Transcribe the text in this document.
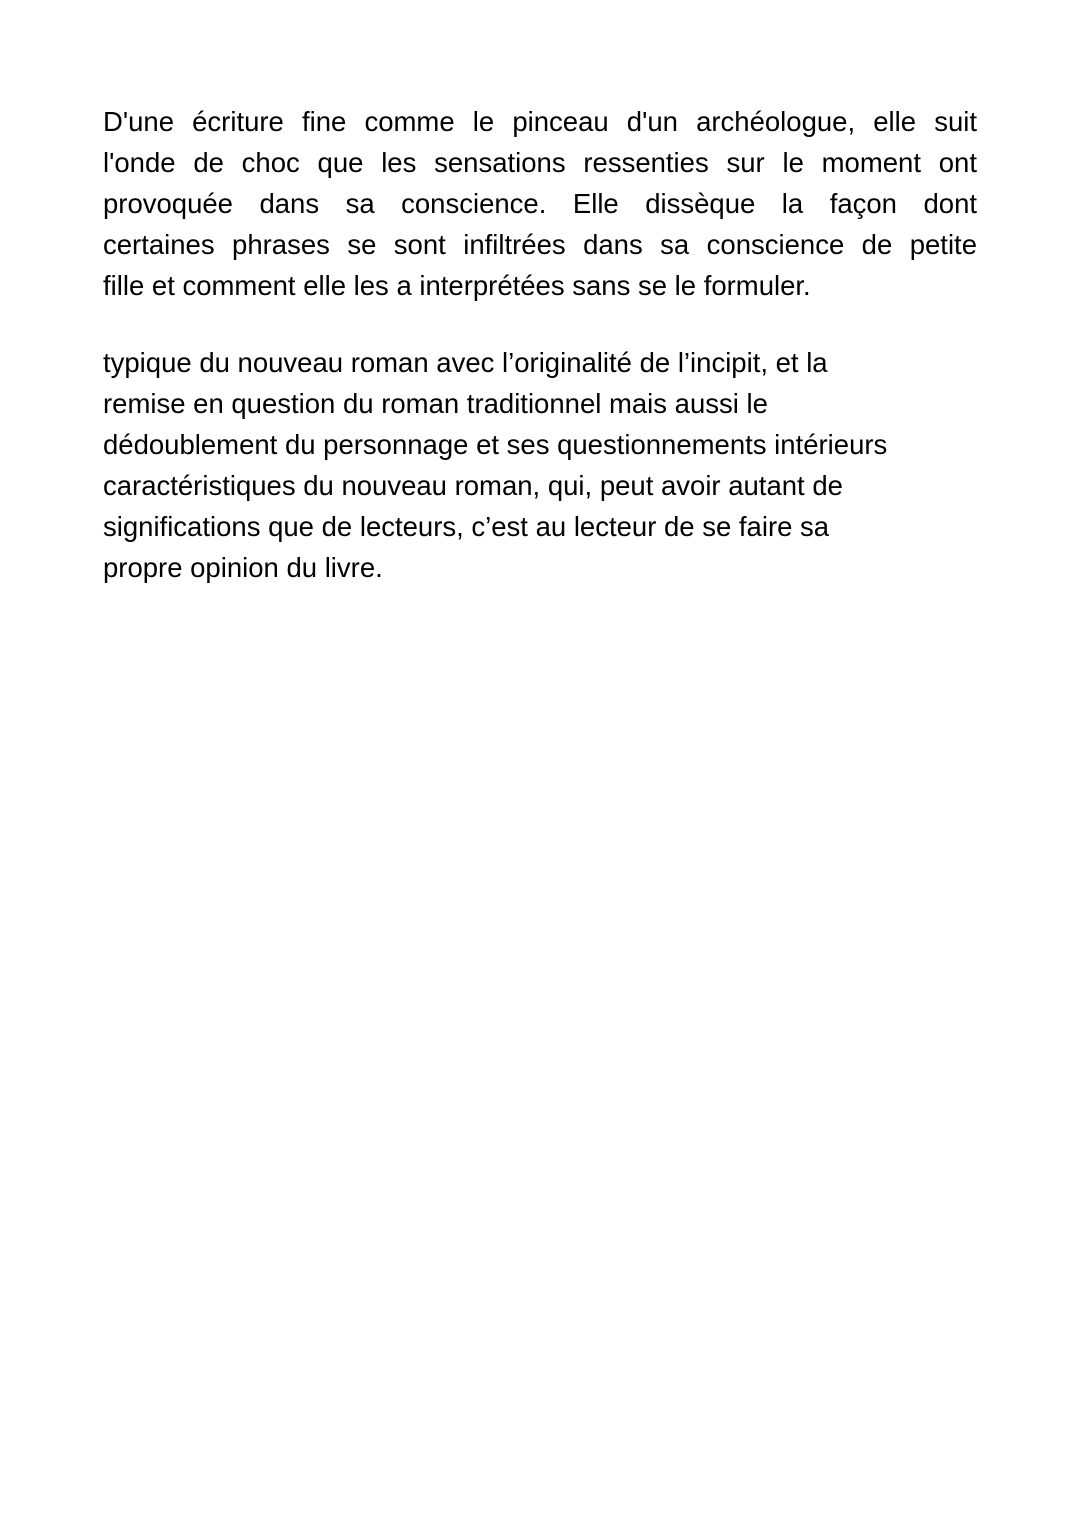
D'une écriture fine comme le pinceau d'un archéologue, elle suit
l'onde de choc que les sensations ressenties sur le moment ont
provoquée dans sa conscience. Elle dissèque la façon dont
certaines phrases se sont infiltrées dans sa conscience de petite
fille et comment elle les a interprétées sans se le formuler.

typique du nouveau roman avec l’originalité de l’incipit, et la
remise en question du roman traditionnel mais aussi le
dédoublement du personnage et ses questionnements intérieurs
caractéristiques du nouveau roman, qui, peut avoir autant de
significations que de lecteurs, c’est au lecteur de se faire sa
propre opinion du livre.
